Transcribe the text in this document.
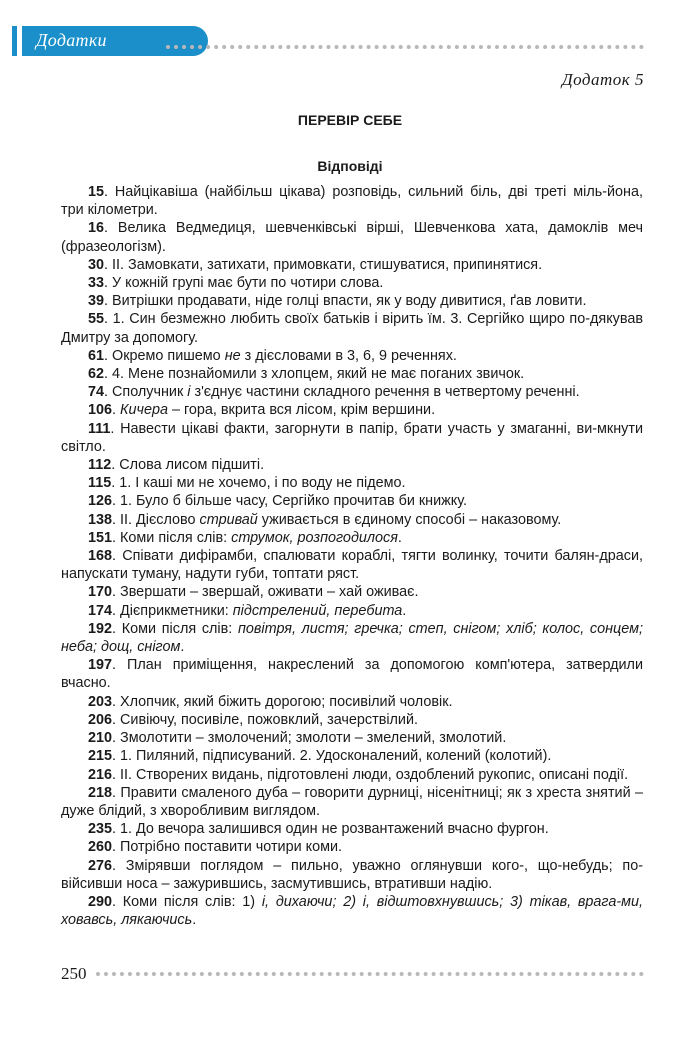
Додатки
Додаток 5
ПЕРЕВІР СЕБЕ
Відповіді
15. Найцікавіша (найбільш цікава) розповідь, сильний біль, дві треті міль-йона, три кілометри.
16. Велика Ведмедиця, шевченківські вірші, Шевченкова хата, дамоклів меч (фразеологізм).
30. II. Замовкати, затихати, примовкати, стишуватися, припинятися.
33. У кожній групі має бути по чотири слова.
39. Витрішки продавати, ніде голці впасти, як у воду дивитися, ґав ловити.
55. 1. Син безмежно любить своїх батьків і вірить їм. 3. Сергійко щиро по-дякував Дмитру за допомогу.
61. Окремо пишемо не з дієсловами в 3, 6, 9 реченнях.
62. 4. Мене познайомили з хлопцем, який не має поганих звичок.
74. Сполучник і з'єднує частини складного речення в четвертому реченні.
106. Кичера – гора, вкрита вся лісом, крім вершини.
111. Навести цікаві факти, загорнути в папір, брати участь у змаганні, ви-мкнути світло.
112. Слова лисом підшиті.
115. 1. І каші ми не хочемо, і по воду не підемо.
126. 1. Було б більше часу, Сергійко прочитав би книжку.
138. II. Дієслово стривай уживається в єдиному способі – наказовому.
151. Коми після слів: струмок, розпогодилося.
168. Співати дифірамби, спалювати кораблі, тягти волинку, точити балян-драси, напускати туману, надути губи, топтати ряст.
170. Звершати – звершай, оживати – хай оживає.
174. Дієприкметники: підстрелений, перебита.
192. Коми після слів: повітря, листя; гречка; степ, снігом; хліб; колос, сонцем; неба; дощ, снігом.
197. План приміщення, накреслений за допомогою комп'ютера, затвердили вчасно.
203. Хлопчик, який біжить дорогою; посивілий чоловік.
206. Сивіючу, посивіле, пожовклий, зачерствілий.
210. Змолотити – змолочений; змолоти – змелений, змолотий.
215. 1. Пиляний, підписуваний. 2. Удосконалений, колений (колотий).
216. II. Створених видань, підготовлені люди, оздоблений рукопис, описані події.
218. Правити смаленого дуба – говорити дурниці, нісенітниці; як з хреста знятий – дуже блідий, з хворобливим виглядом.
235. 1. До вечора залишився один не розвантажений вчасно фургон.
260. Потрібно поставити чотири коми.
276. Змірявши поглядом – пильно, уважно оглянувши кого-, що-небудь; по-війсивши носа – зажурившись, засмутившись, втративши надію.
290. Коми після слів: 1) і, дихаючи; 2) і, відштовхнувшись; 3) тікав, врага-ми, ховавсь, лякаючись.
250
